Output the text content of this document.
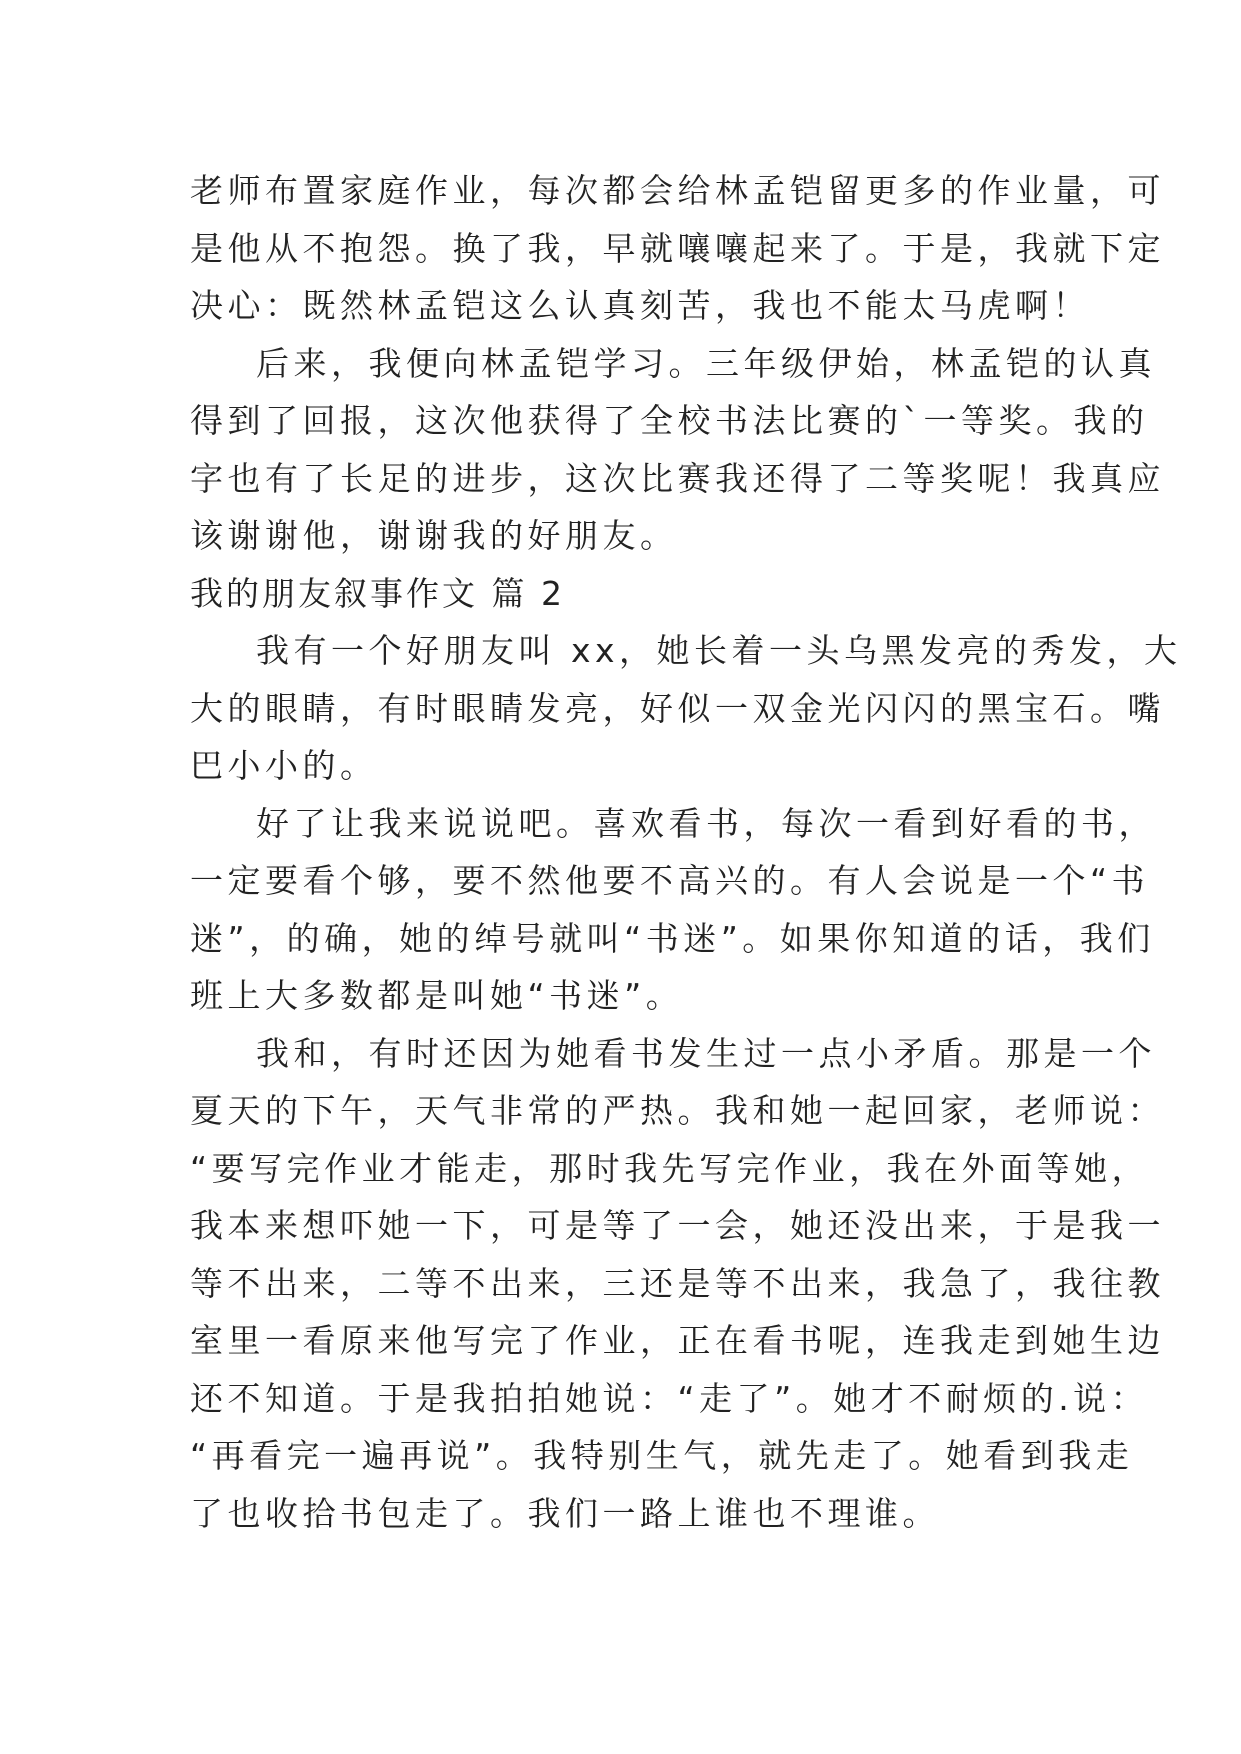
老师布置家庭作业，每次都会给林孟铠留更多的作业量，可
是他从不抱怨。换了我，早就嚷嚷起来了。于是，我就下定
决心：既然林孟铠这么认真刻苦，我也不能太马虎啊！

后来，我便向林孟铠学习。三年级伊始，林孟铠的认真
得到了回报，这次他获得了全校书法比赛的`一等奖。我的
字也有了长足的进步，这次比赛我还得了二等奖呢！我真应
该谢谢他，谢谢我的好朋友。

我的朋友叙事作文 篇 2

我有一个好朋友叫 xx，她长着一头乌黑发亮的秀发，大
大的眼睛，有时眼睛发亮，好似一双金光闪闪的黑宝石。嘴
巴小小的。

好了让我来说说吧。喜欢看书，每次一看到好看的书，
一定要看个够，要不然他要不高兴的。有人会说是一个“书
迷”，的确，她的绰号就叫“书迷”。如果你知道的话，我们
班上大多数都是叫她“书迷”。

我和，有时还因为她看书发生过一点小矛盾。那是一个
夏天的下午，天气非常的严热。我和她一起回家，老师说：
“要写完作业才能走，那时我先写完作业，我在外面等她，
我本来想吓她一下，可是等了一会，她还没出来，于是我一
等不出来，二等不出来，三还是等不出来，我急了，我往教
室里一看原来他写完了作业，正在看书呢，连我走到她生边
还不知道。于是我拍拍她说：“走了”。她才不耐烦的.说：
“再看完一遍再说”。我特别生气，就先走了。她看到我走
了也收拾书包走了。我们一路上谁也不理谁。
